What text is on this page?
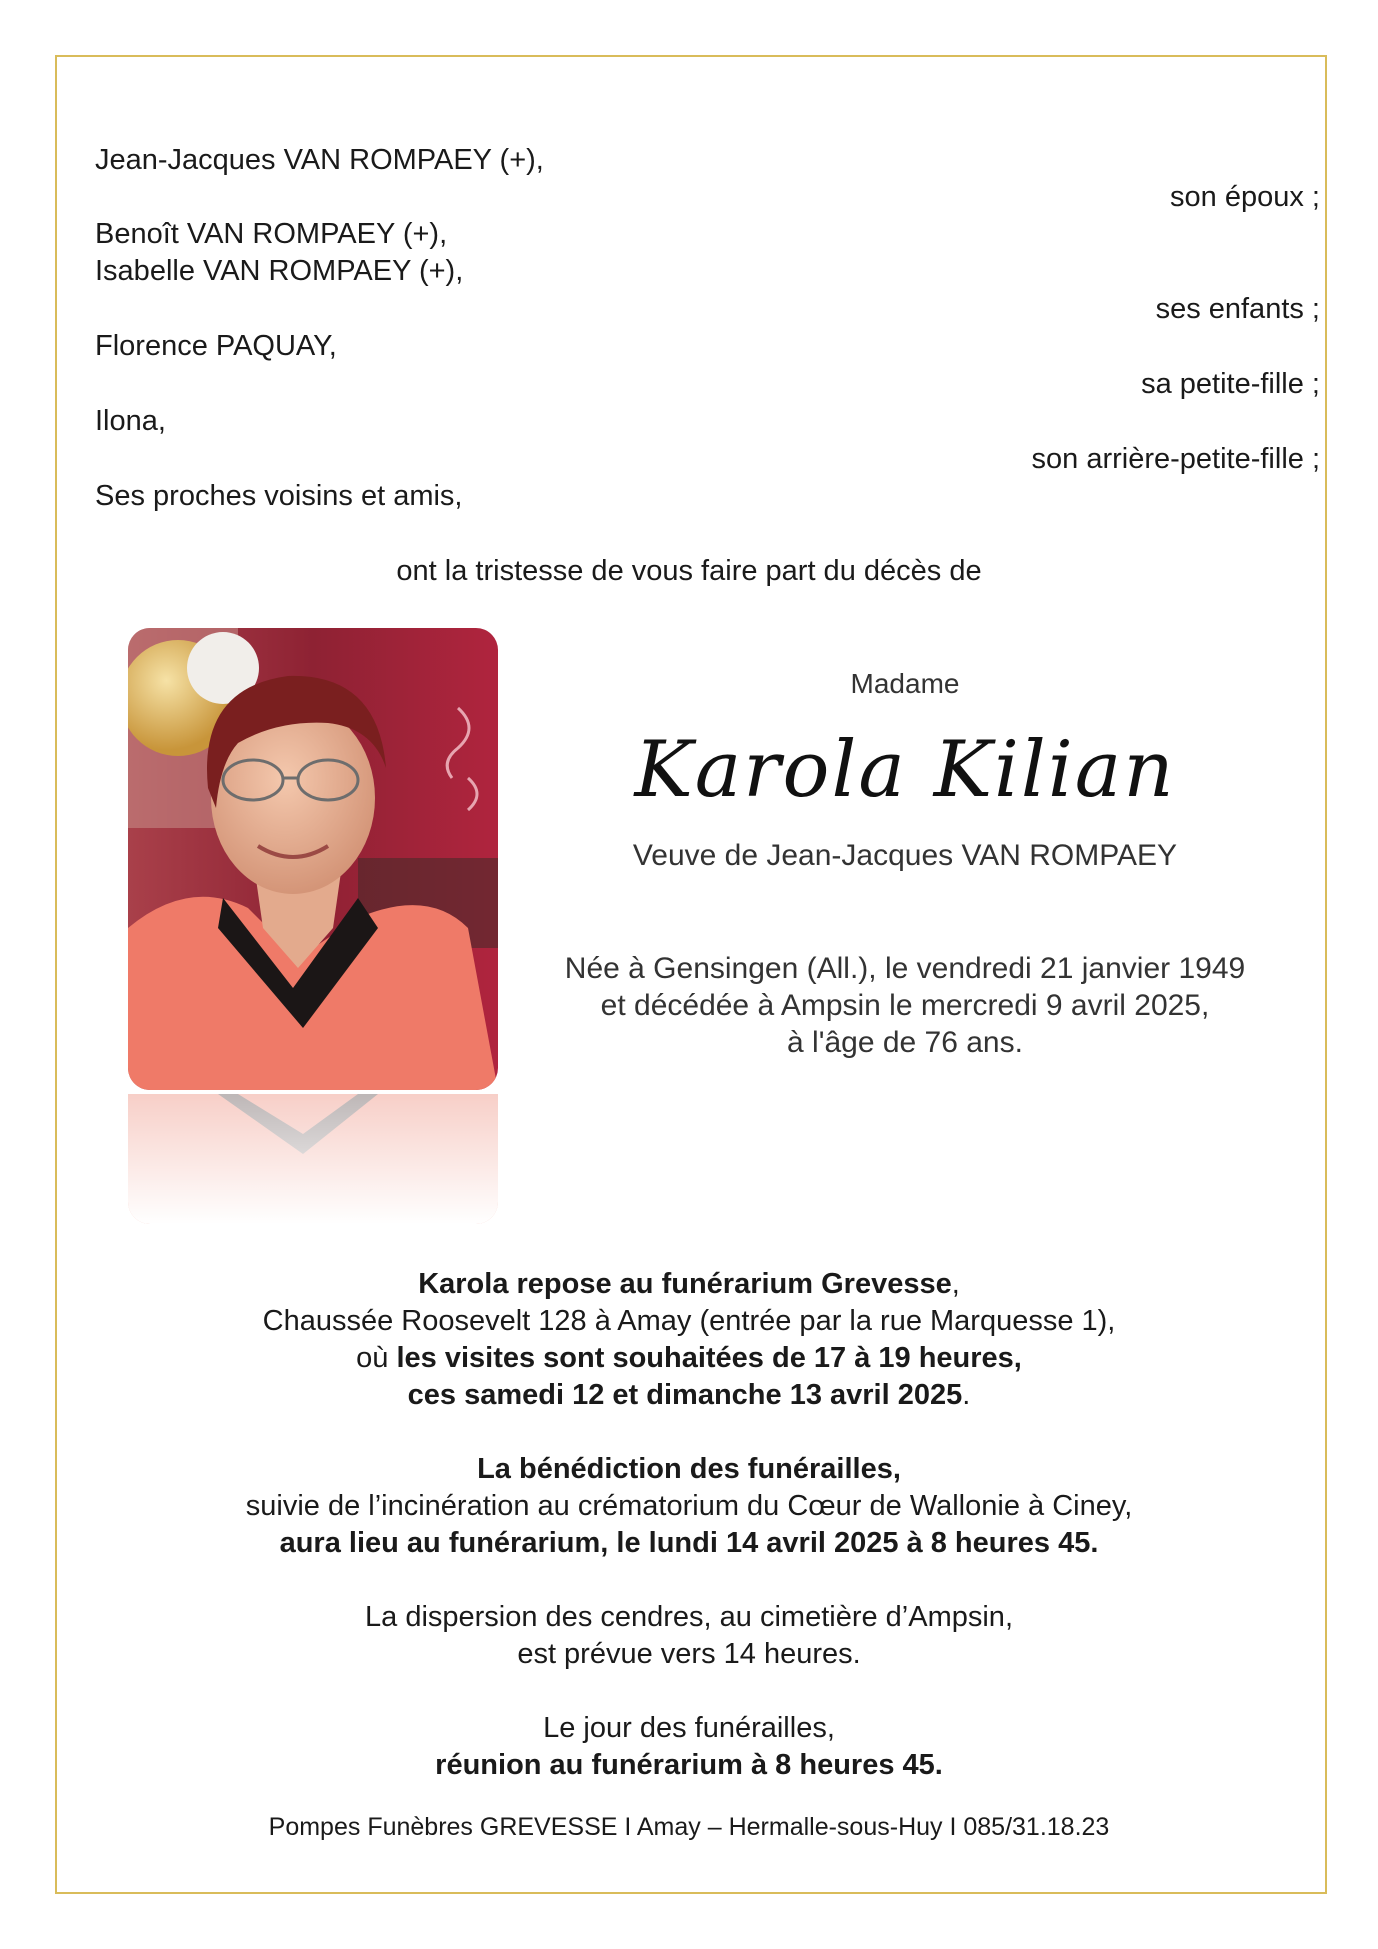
Jean-Jacques VAN ROMPAEY (+),
son époux ;
Benoît VAN ROMPAEY (+),
Isabelle VAN ROMPAEY (+),
ses enfants ;
Florence PAQUAY,
sa petite-fille ;
Ilona,
son arrière-petite-fille ;
Ses proches voisins et amis,
ont la tristesse de vous faire part du décès de
Madame
Karola Kilian
Veuve de Jean-Jacques VAN ROMPAEY
Née à Gensingen (All.), le vendredi 21 janvier 1949
et décédée à Ampsin le mercredi 9 avril 2025,
à l'âge de 76 ans.
Karola repose au funérarium Grevesse,
Chaussée Roosevelt 128 à Amay (entrée par la rue Marquesse 1),
où les visites sont souhaitées de 17 à 19 heures,
ces samedi 12 et dimanche 13 avril 2025.
La bénédiction des funérailles,
suivie de l’incinération au crématorium du Cœur de Wallonie à Ciney,
aura lieu au funérarium, le lundi 14 avril 2025 à 8 heures 45.
La dispersion des cendres, au cimetière d’Ampsin,
est prévue vers 14 heures.
Le jour des funérailles,
réunion au funérarium à 8 heures 45.
Pompes Funèbres GREVESSE I Amay – Hermalle-sous-Huy I 085/31.18.23
